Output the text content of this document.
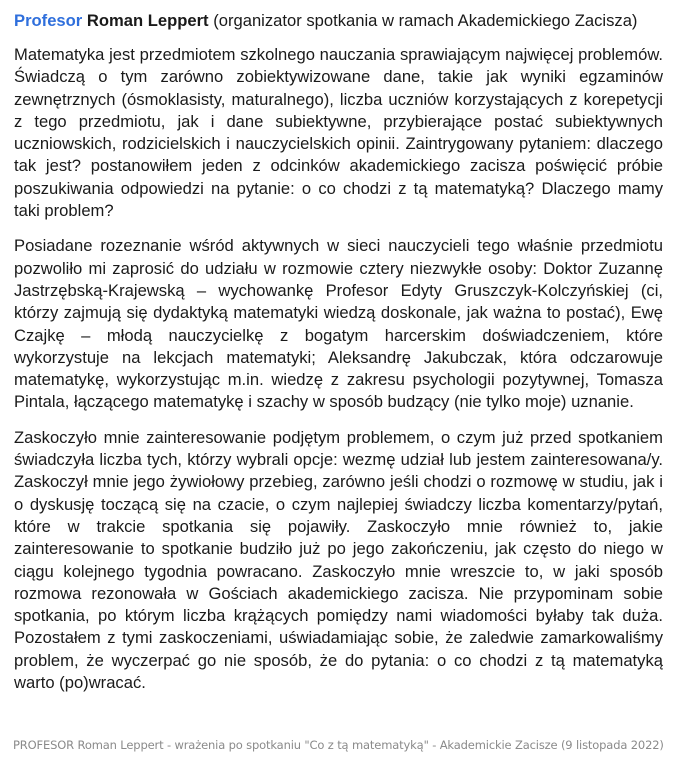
Profesor Roman Leppert (organizator spotkania w ramach Akademickiego Zacisza)

Matematyka jest przedmiotem szkolnego nauczania sprawiającym najwięcej problemów. Świadczą o tym zarówno zobiektywizowane dane, takie jak wyniki egzaminów zewnętrznych (ósmoklasisty, maturalnego), liczba uczniów korzystających z korepetycji z tego przedmiotu, jak i dane subiektywne, przybierające postać subiektywnych uczniowskich, rodzicielskich i nauczycielskich opinii. Zaintrygowany pytaniem: dlaczego tak jest? postanowiłem jeden z odcinków akademickiego zacisza poświęcić próbie poszukiwania odpowiedzi na pytanie: o co chodzi z tą matematyką? Dlaczego mamy taki problem?

Posiadane rozeznanie wśród aktywnych w sieci nauczycieli tego właśnie przedmiotu pozwoliło mi zaprosić do udziału w rozmowie cztery niezwykłe osoby: Doktor Zuzannę Jastrzębską-Krajewską – wychowankę Profesor Edyty Gruszczyk-Kolczyńskiej (ci, którzy zajmują się dydaktyką matematyki wiedzą doskonale, jak ważna to postać), Ewę Czajkę – młodą nauczycielkę z bogatym harcerskim doświadczeniem, które wykorzystuje na lekcjach matematyki; Aleksandrę Jakubczak, która odczarowuje matematykę, wykorzystując m.in. wiedzę z zakresu psychologii pozytywnej, Tomasza Pintala, łączącego matematykę i szachy w sposób budzący (nie tylko moje) uznanie.

Zaskoczyło mnie zainteresowanie podjętym problemem, o czym już przed spotkaniem świadczyła liczba tych, którzy wybrali opcje: wezmę udział lub jestem zainteresowana/y. Zaskoczył mnie jego żywiołowy przebieg, zarówno jeśli chodzi o rozmowę w studiu, jak i o dyskusję toczącą się na czacie, o czym najlepiej świadczy liczba komentarzy/pytań, które w trakcie spotkania się pojawiły. Zaskoczyło mnie również to, jakie zainteresowanie to spotkanie budziło już po jego zakończeniu, jak często do niego w ciągu kolejnego tygodnia powracano. Zaskoczyło mnie wreszcie to, w jaki sposób rozmowa rezonowała w Gościach akademickiego zacisza. Nie przypominam sobie spotkania, po którym liczba krążących pomiędzy nami wiadomości byłaby tak duża. Pozostałem z tymi zaskoczeniami, uświadamiając sobie, że zaledwie zamarkowaliśmy problem, że wyczerpać go nie sposób, że do pytania: o co chodzi z tą matematyką warto (po)wracać.

PROFESOR Roman Leppert - wrażenia po spotkaniu "Co z tą matematyką" - Akademickie Zacisze (9 listopada 2022)
